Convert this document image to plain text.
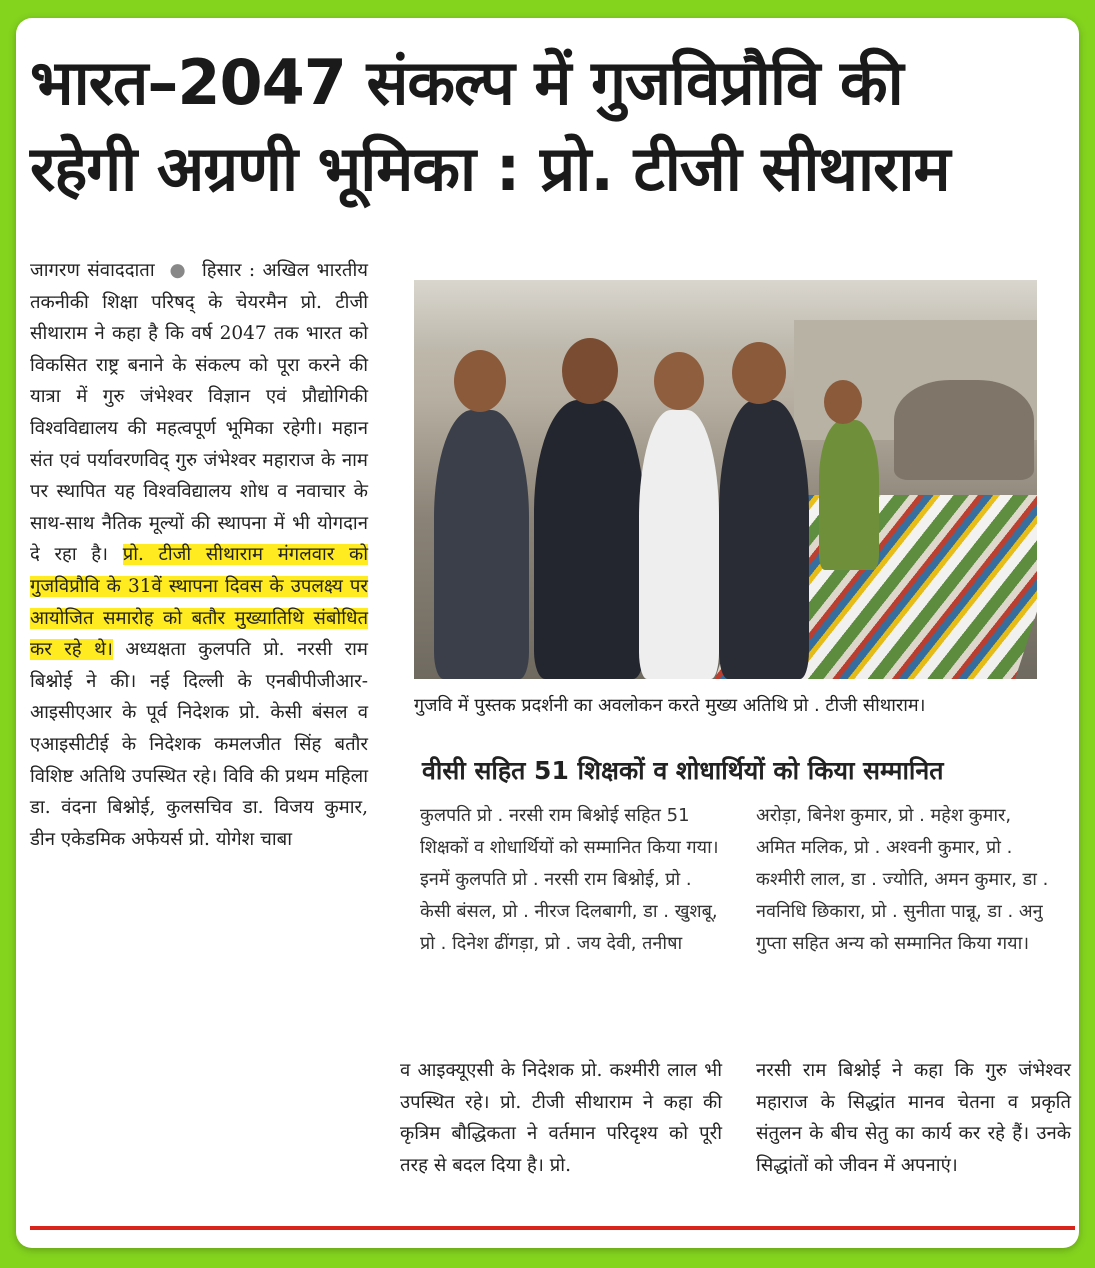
भारत–2047 संकल्प में गुजविप्रौवि की
रहेगी अग्रणी भूमिका : प्रो. टीजी सीथाराम
जागरण संवाददाता  ●  हिसार : अखिल भारतीय तकनीकी शिक्षा परिषद् के चेयरमैन प्रो. टीजी सीथाराम ने कहा है कि वर्ष 2047 तक भारत को विकसित राष्ट्र बनाने के संकल्प को पूरा करने की यात्रा में गुरु जंभेश्वर विज्ञान एवं प्रौद्योगिकी विश्वविद्यालय की महत्वपूर्ण भूमिका रहेगी। महान संत एवं पर्यावरणविद् गुरु जंभेश्वर महाराज के नाम पर स्थापित यह विश्वविद्यालय शोध व नवाचार के साथ-साथ नैतिक मूल्यों की स्थापना में भी योगदान दे रहा है। प्रो. टीजी सीथाराम मंगलवार को गुजविप्रौवि के 31वें स्थापना दिवस के उपलक्ष्य पर आयोजित समारोह को बतौर मुख्यातिथि संबोधित कर रहे थे। अध्यक्षता कुलपति प्रो. नरसी राम बिश्नोई ने की। नई दिल्ली के एनबीपीजीआर-आइसीएआर के पूर्व निदेशक प्रो. केसी बंसल व एआइसीटीई के निदेशक कमलजीत सिंह बतौर विशिष्ट अतिथि उपस्थित रहे। विवि की प्रथम महिला डा. वंदना बिश्नोई, कुलसचिव डा. विजय कुमार, डीन एकेडमिक अफेयर्स प्रो. योगेश चाबा
गुजवि में पुस्तक प्रदर्शनी का अवलोकन करते मुख्य अतिथि प्रो . टीजी सीथाराम।
वीसी सहित 51 शिक्षकों व शोधार्थियों को किया सम्मानित
कुलपति प्रो . नरसी राम बिश्नोई सहित 51 शिक्षकों व शोधार्थियों को सम्मानित किया गया। इनमें कुलपति प्रो . नरसी राम बिश्नोई, प्रो . केसी बंसल, प्रो . नीरज दिलबागी, डा . खुशबू, प्रो . दिनेश ढींगड़ा, प्रो . जय देवी, तनीषा
अरोड़ा, बिनेश कुमार, प्रो . महेश कुमार, अमित मलिक, प्रो . अश्वनी कुमार, प्रो . कश्मीरी लाल, डा . ज्योति, अमन कुमार, डा . नवनिधि छिकारा, प्रो . सुनीता पान्नू, डा . अनु गुप्ता सहित अन्य को सम्मानित किया गया।
व आइक्यूएसी के निदेशक प्रो. कश्मीरी लाल भी उपस्थित रहे। प्रो. टीजी सीथाराम ने कहा की कृत्रिम बौद्धिकता ने वर्तमान परिदृश्य को पूरी तरह से बदल दिया है। प्रो.
नरसी राम बिश्नोई ने कहा कि गुरु जंभेश्वर महाराज के सिद्धांत मानव चेतना व प्रकृति संतुलन के बीच सेतु का कार्य कर रहे हैं। उनके सिद्धांतों को जीवन में अपनाएं।
